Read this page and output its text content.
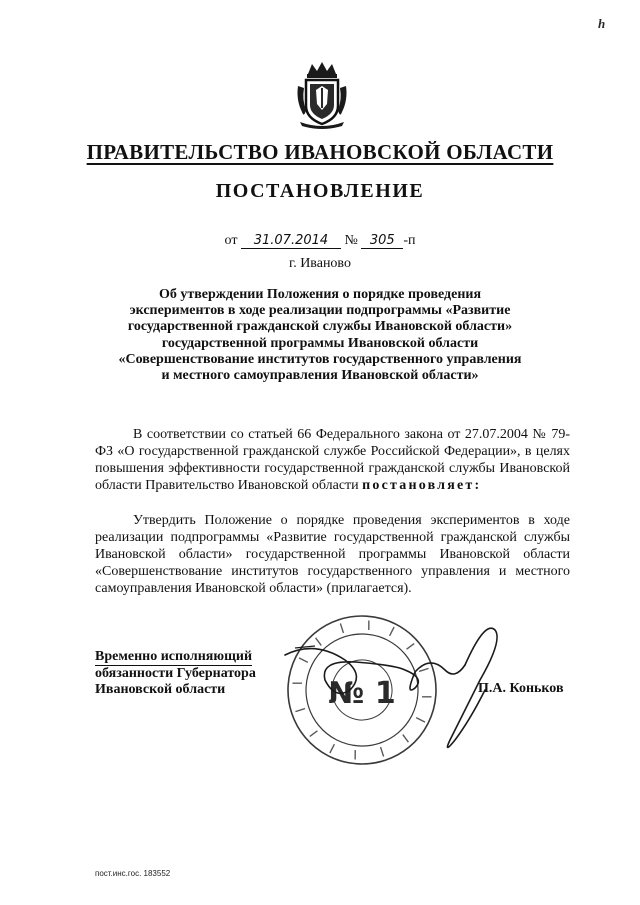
h
ПРАВИТЕЛЬСТВО ИВАНОВСКОЙ ОБЛАСТИ
ПОСТАНОВЛЕНИЕ
от 31.07.2014 № 305 -п
г. Иваново
Об утверждении Положения о порядке проведения
экспериментов в ходе реализации подпрограммы «Развитие
государственной гражданской службы Ивановской области»
государственной программы Ивановской области
«Совершенствование институтов государственного управления
и местного самоуправления Ивановской области»

В соответствии со статьей 66 Федерального закона от 27.07.2004 № 79-ФЗ «О государственной гражданской службе Российской Федерации», в целях повышения эффективности государственной гражданской службы Ивановской области Правительство Ивановской области постановляет:

Утвердить Положение о порядке проведения экспериментов в ходе реализации подпрограммы «Развитие государственной гражданской службы Ивановской области» государственной программы Ивановской области «Совершенствование институтов государственного управления и местного самоуправления Ивановской области» (прилагается).

№ 1
Временно исполняющий
обязанности Губернатора
Ивановской области	П.А. Коньков
пост.инс.гос. 183552
